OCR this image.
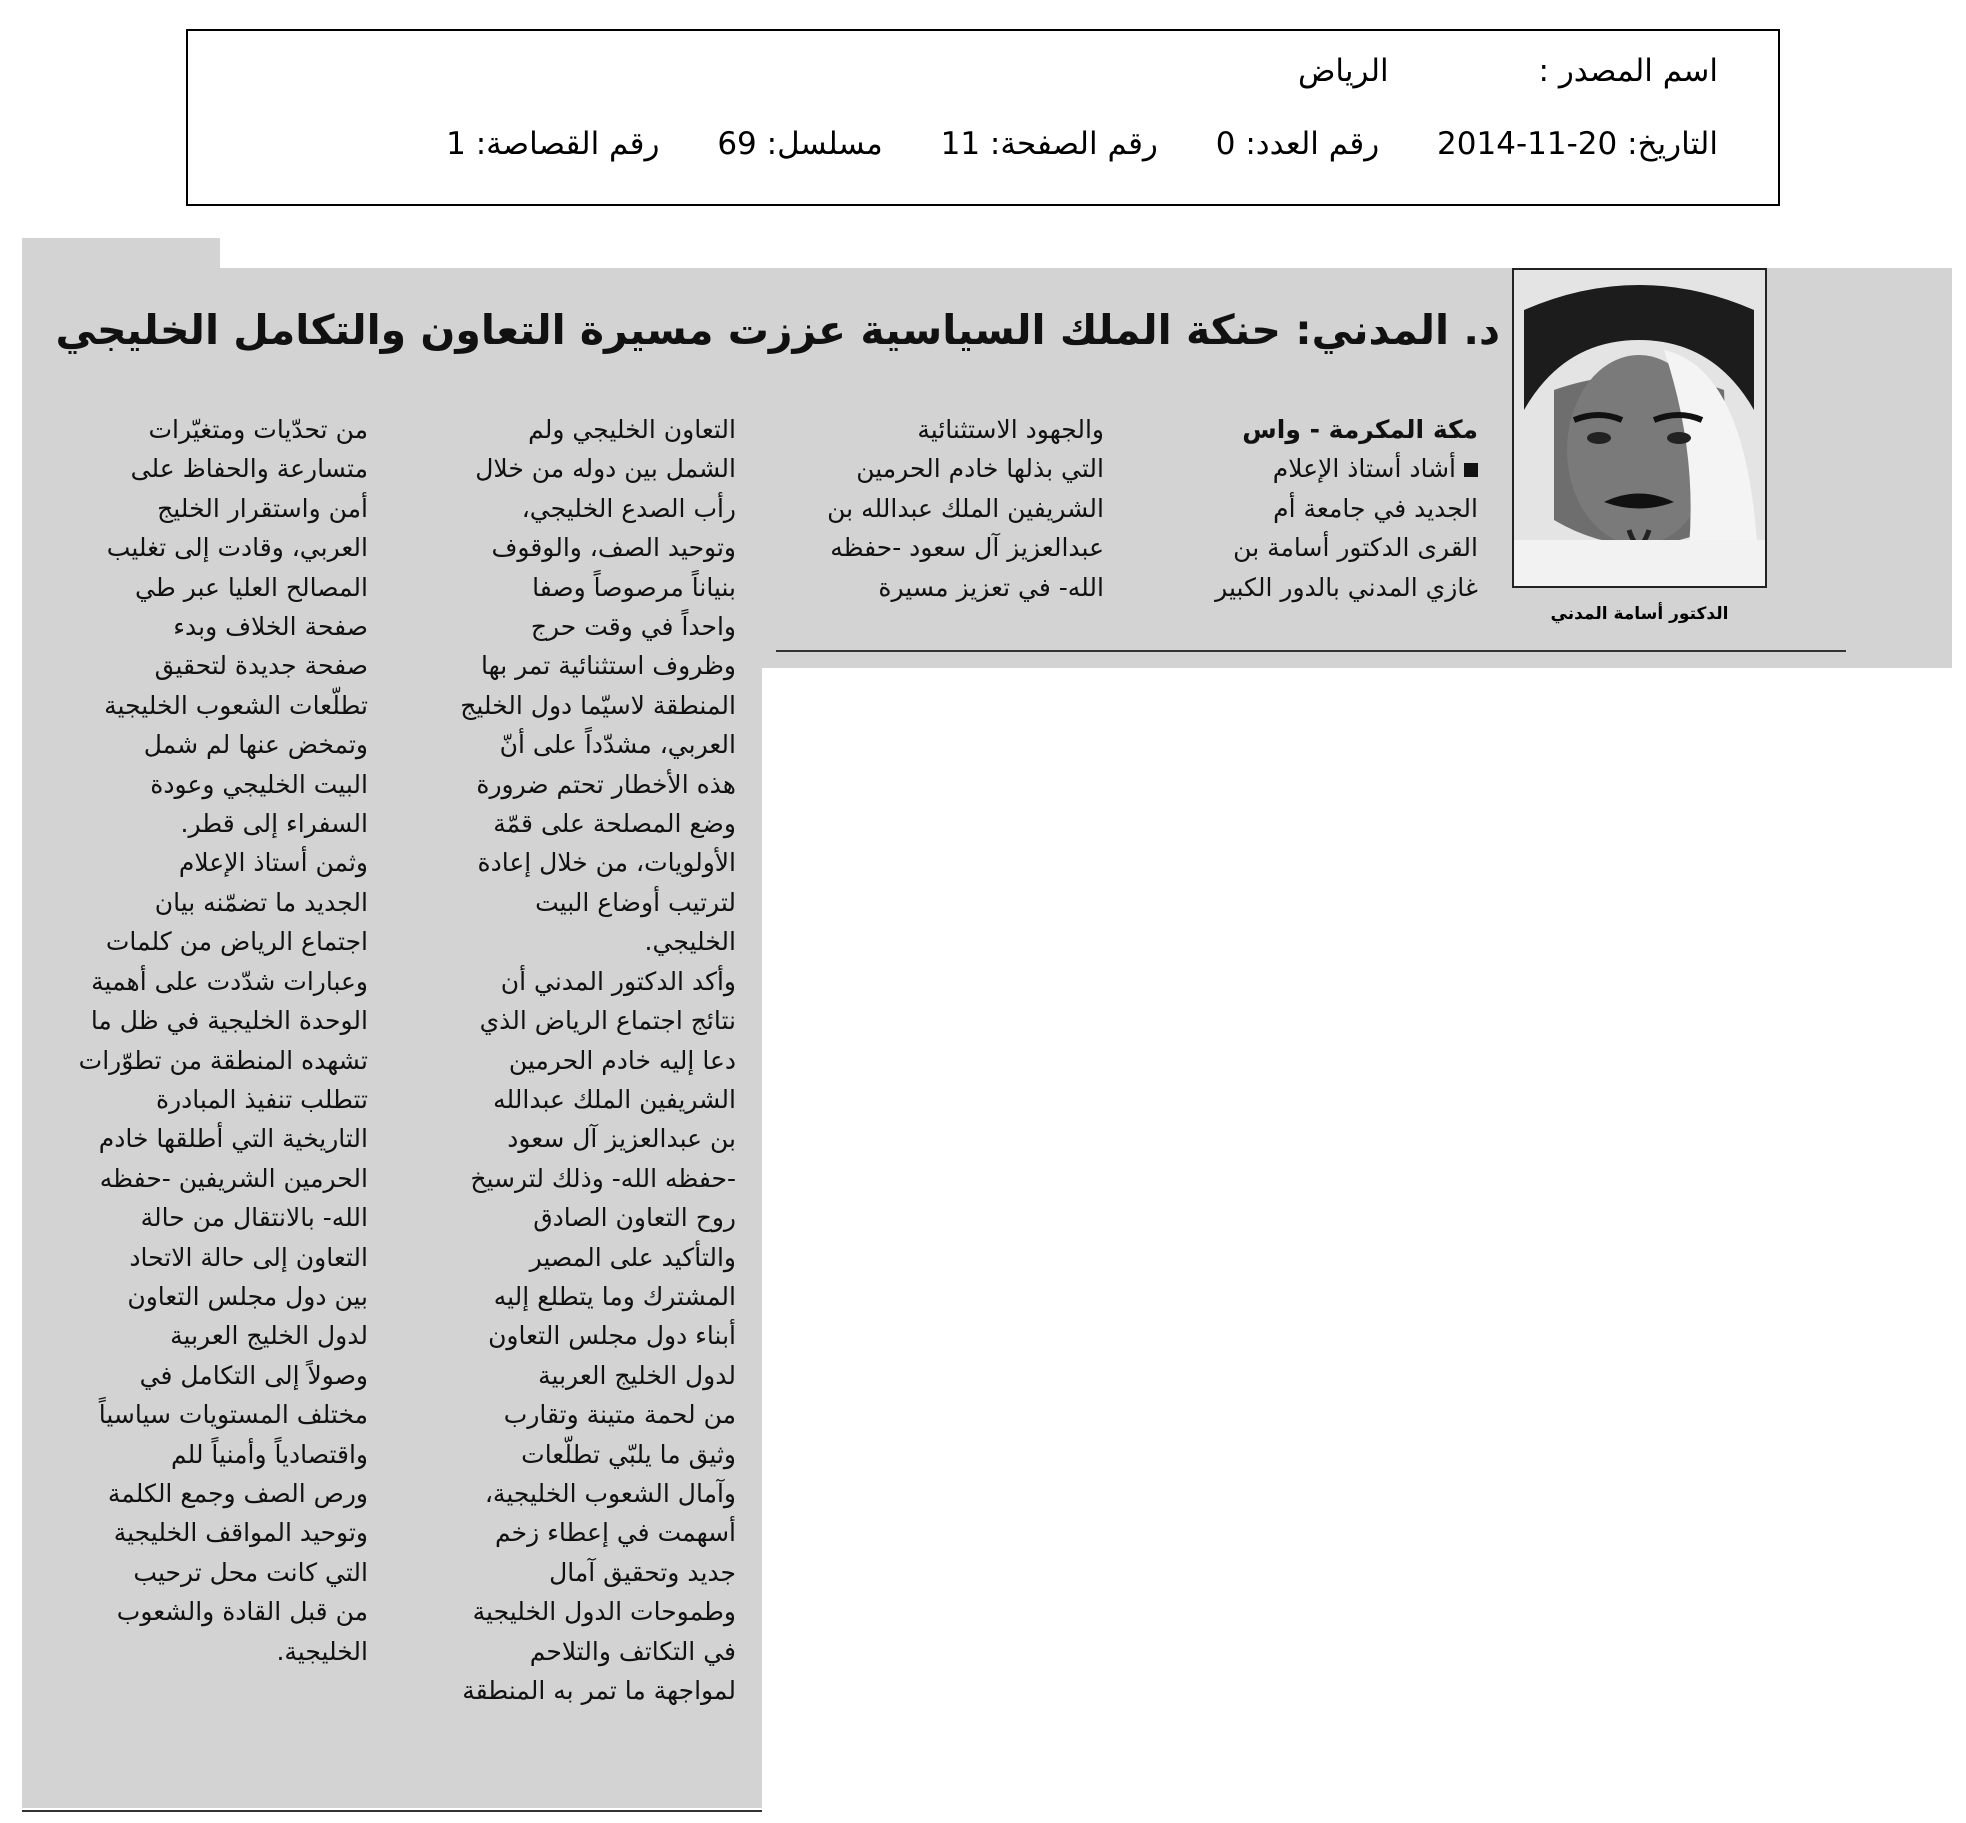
اسم المصدر : الرياض
التاريخ: 20-11-2014 رقم العدد: 0 رقم الصفحة: 11 مسلسل: 69 رقم القصاصة: 1
د. المدني: حنكة الملك السياسية عززت مسيرة التعاون والتكامل الخليجي
الدكتور أسامة المدني

مكة المكرمة - واس

أشاد أستاذ الإعلام

الجديد في جامعة أم

القرى الدكتور أسامة بن

غازي المدني بالدور الكبير

والجهود الاستثنائية

التي بذلها خادم الحرمين

الشريفين الملك عبدالله بن

عبدالعزيز آل سعود -حفظه

الله- في تعزيز مسيرة

التعاون الخليجي ولم

الشمل بين دوله من خلال

رأب الصدع الخليجي،

وتوحيد الصف، والوقوف

بنياناً مرصوصاً وصفا

واحداً في وقت حرج

وظروف استثنائية تمر بها

المنطقة لاسيّما دول الخليج

العربي، مشدّداً على أنّ

هذه الأخطار تحتم ضرورة

وضع المصلحة على قمّة

الأولويات، من خلال إعادة

لترتيب أوضاع البيت

الخليجي.

وأكد الدكتور المدني أن

نتائج اجتماع الرياض الذي

دعا إليه خادم الحرمين

الشريفين الملك عبدالله

بن عبدالعزيز آل سعود

-حفظه الله- وذلك لترسيخ

روح التعاون الصادق

والتأكيد على المصير

المشترك وما يتطلع إليه

أبناء دول مجلس التعاون

لدول الخليج العربية

من لحمة متينة وتقارب

وثيق ما يلبّي تطلّعات

وآمال الشعوب الخليجية،

أسهمت في إعطاء زخم

جديد وتحقيق آمال

وطموحات الدول الخليجية

في التكاتف والتلاحم

لمواجهة ما تمر به المنطقة

من تحدّيات ومتغيّرات

متسارعة والحفاظ على

أمن واستقرار الخليج

العربي، وقادت إلى تغليب

المصالح العليا عبر طي

صفحة الخلاف وبدء

صفحة جديدة لتحقيق

تطلّعات الشعوب الخليجية

وتمخض عنها لم شمل

البيت الخليجي وعودة

السفراء إلى قطر.

وثمن أستاذ الإعلام

الجديد ما تضمّنه بيان

اجتماع الرياض من كلمات

وعبارات شدّدت على أهمية

الوحدة الخليجية في ظل ما

تشهده المنطقة من تطوّرات

تتطلب تنفيذ المبادرة

التاريخية التي أطلقها خادم

الحرمين الشريفين -حفظه

الله- بالانتقال من حالة

التعاون إلى حالة الاتحاد

بين دول مجلس التعاون

لدول الخليج العربية

وصولاً إلى التكامل في

مختلف المستويات سياسياً

واقتصادياً وأمنياً للم

ورص الصف وجمع الكلمة

وتوحيد المواقف الخليجية

التي كانت محل ترحيب

من قبل القادة والشعوب

الخليجية.
